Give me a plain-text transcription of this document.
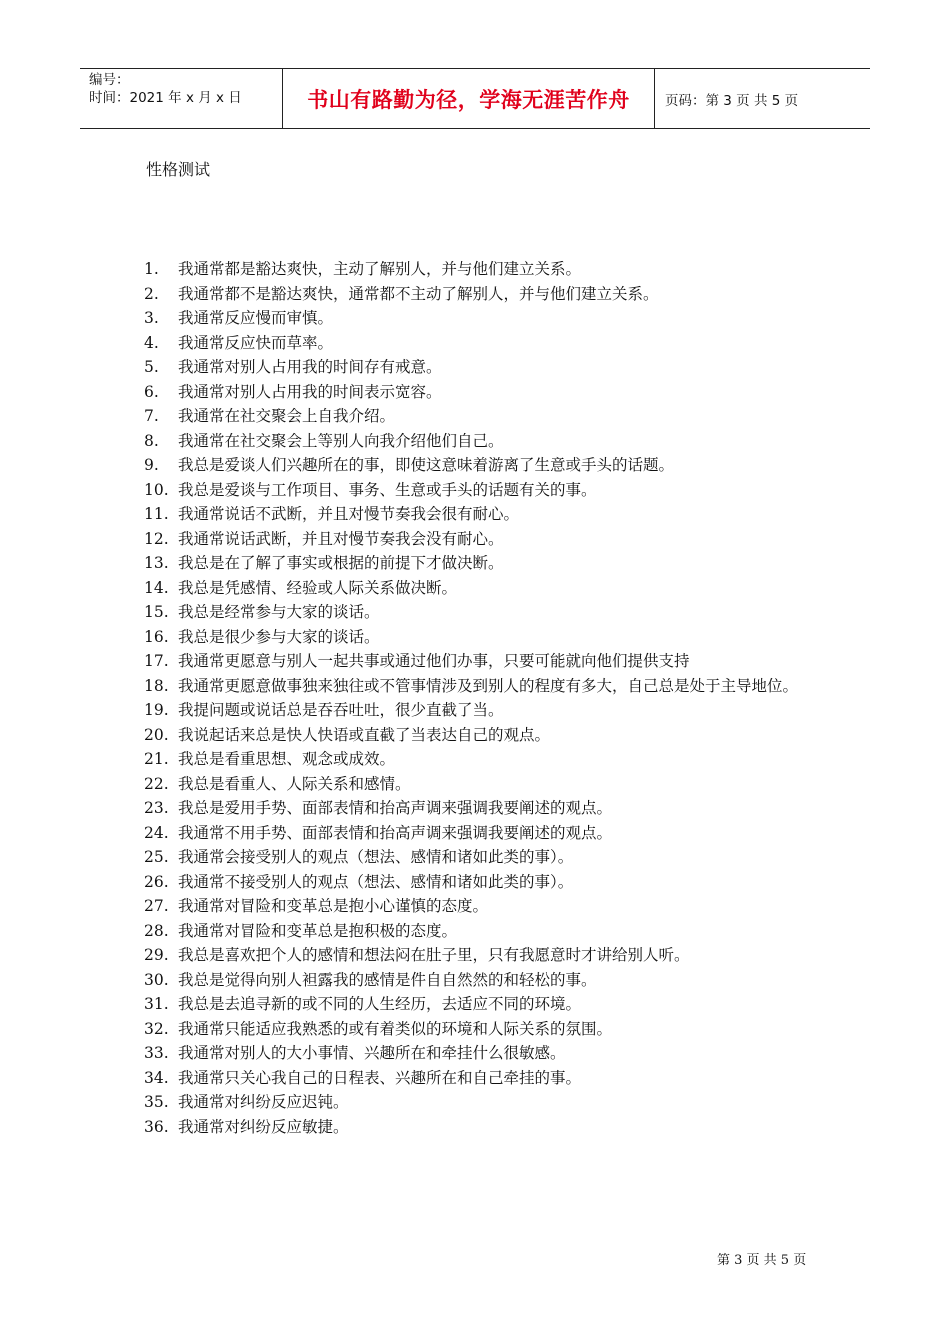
编号：
时间：2021 年 x 月 x 日	书山有路勤为径，学海无涯苦作舟	页码：第 3 页 共 5 页
性格测试
1.	我通常都是豁达爽快，主动了解别人，并与他们建立关系。
2.	我通常都不是豁达爽快，通常都不主动了解别人，并与他们建立关系。
3.	我通常反应慢而审慎。
4.	我通常反应快而草率。
5.	我通常对别人占用我的时间存有戒意。
6.	我通常对别人占用我的时间表示宽容。
7.	我通常在社交聚会上自我介绍。
8.	我通常在社交聚会上等别人向我介绍他们自己。
9.	我总是爱谈人们兴趣所在的事，即使这意味着游离了生意或手头的话题。
10. 我总是爱谈与工作项目、事务、生意或手头的话题有关的事。
11. 我通常说话不武断，并且对慢节奏我会很有耐心。
12. 我通常说话武断，并且对慢节奏我会没有耐心。
13. 我总是在了解了事实或根据的前提下才做决断。
14. 我总是凭感情、经验或人际关系做决断。
15. 我总是经常参与大家的谈话。
16. 我总是很少参与大家的谈话。
17. 我通常更愿意与别人一起共事或通过他们办事，只要可能就向他们提供支持
18. 我通常更愿意做事独来独往或不管事情涉及到别人的程度有多大，自己总是处于主导地位。
19. 我提问题或说话总是吞吞吐吐，很少直截了当。
20. 我说起话来总是快人快语或直截了当表达自己的观点。
21. 我总是看重思想、观念或成效。
22. 我总是看重人、人际关系和感情。
23. 我总是爱用手势、面部表情和抬高声调来强调我要阐述的观点。
24. 我通常不用手势、面部表情和抬高声调来强调我要阐述的观点。
25. 我通常会接受别人的观点（想法、感情和诸如此类的事）。
26. 我通常不接受别人的观点（想法、感情和诸如此类的事）。
27. 我通常对冒险和变革总是抱小心谨慎的态度。
28. 我通常对冒险和变革总是抱积极的态度。
29. 我总是喜欢把个人的感情和想法闷在肚子里，只有我愿意时才讲给别人听。
30. 我总是觉得向别人袒露我的感情是件自自然然的和轻松的事。
31. 我总是去追寻新的或不同的人生经历，去适应不同的环境。
32. 我通常只能适应我熟悉的或有着类似的环境和人际关系的氛围。
33. 我通常对别人的大小事情、兴趣所在和牵挂什么很敏感。
34. 我通常只关心我自己的日程表、兴趣所在和自己牵挂的事。
35. 我通常对纠纷反应迟钝。
36. 我通常对纠纷反应敏捷。
第 3 页 共 5 页
